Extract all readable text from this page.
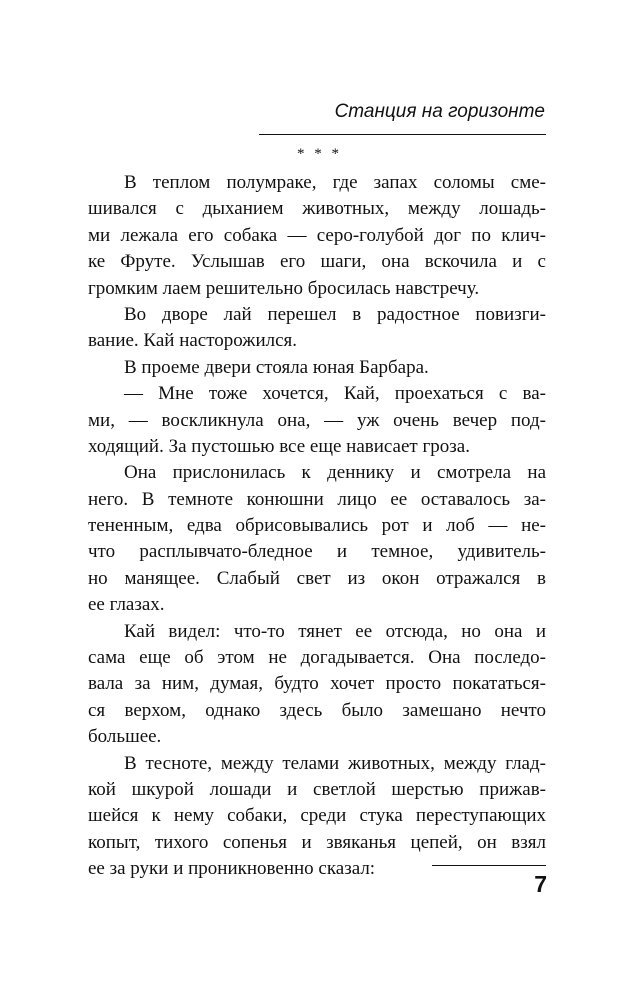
Станция на горизонте
* * *
В теплом полумраке, где запах соломы сме-
шивался с дыханием животных, между лошадь-
ми лежала его собака — серо-голубой дог по клич-
ке Фруте. Услышав его шаги, она вскочила и с
громким лаем решительно бросилась навстречу.
Во дворе лай перешел в радостное повизги-
вание. Кай насторожился.
В проеме двери стояла юная Барбара.
— Мне тоже хочется, Кай, проехаться с ва-
ми, — воскликнула она, — уж очень вечер под-
ходящий. За пустошью все еще нависает гроза.
Она прислонилась к деннику и смотрела на
него. В темноте конюшни лицо ее оставалось за-
тененным, едва обрисовывались рот и лоб — не-
что расплывчато-бледное и темное, удивитель-
но манящее. Слабый свет из окон отражался в
ее глазах.
Кай видел: что-то тянет ее отсюда, но она и
сама еще об этом не догадывается. Она последо-
вала за ним, думая, будто хочет просто покататься-
ся верхом, однако здесь было замешано нечто
большее.
В тесноте, между телами животных, между глад-
кой шкурой лошади и светлой шерстью прижав-
шейся к нему собаки, среди стука переступающих
копыт, тихого сопенья и звяканья цепей, он взял
ее за руки и проникновенно сказал:
7
